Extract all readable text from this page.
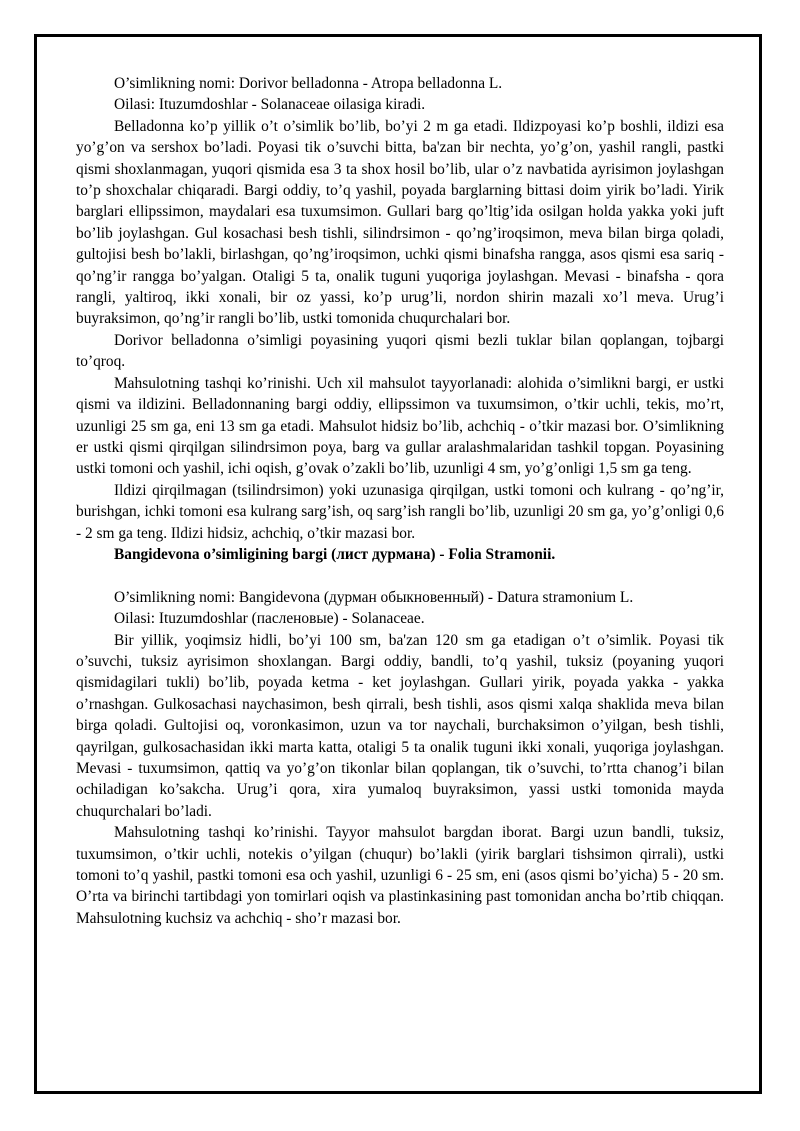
O’simlikning nomi: Dorivor belladonna - Atropa belladonna L.

Oilasi: Ituzumdoshlar - Solanaceae oilasiga kiradi.

Belladonna ko’p yillik o’t o’simlik bo’lib, bo’yi 2 m ga etadi. Ildizpoyasi ko’p boshli, ildizi esa yo’g’on va sershox bo’ladi. Poyasi tik o’suvchi bitta, ba'zan bir nechta, yo’g’on, yashil rangli, pastki qismi shoxlanmagan, yuqori qismida esa 3 ta shox hosil bo’lib, ular o’z navbatida ayrisimon joylashgan to’p shoxchalar chiqaradi. Bargi oddiy, to’q yashil, poyada barglarning bittasi doim yirik bo’ladi. Yirik barglari ellipssimon, maydalari esa tuxumsimon. Gullari barg qo’ltig’ida osilgan holda yakka yoki juft bo’lib joylashgan. Gul kosachasi besh tishli, silindrsimon - qo’ng’iroqsimon, meva bilan birga qoladi, gultojisi besh bo’lakli, birlashgan, qo’ng’iroqsimon, uchki qismi binafsha rangga, asos qismi esa sariq - qo’ng’ir rangga bo’yalgan. Otaligi 5 ta, onalik tuguni yuqoriga joylashgan. Mevasi - binafsha - qora rangli, yaltiroq, ikki xonali, bir oz yassi, ko’p urug’li, nordon shirin mazali xo’l meva. Urug’i buyraksimon, qo’ng’ir rangli bo’lib, ustki tomonida chuqurchalari bor.

Dorivor belladonna o’simligi poyasining yuqori qismi bezli tuklar bilan qoplangan, tojbargi to’qroq.

Mahsulotning tashqi ko’rinishi. Uch xil mahsulot tayyorlanadi: alohida o’simlikni bargi, er ustki qismi va ildizini. Belladonnaning bargi oddiy, ellipssimon va tuxumsimon, o’tkir uchli, tekis, mo’rt, uzunligi 25 sm ga, eni 13 sm ga etadi. Mahsulot hidsiz bo’lib, achchiq - o’tkir mazasi bor. O’simlikning er ustki qismi qirqilgan silindrsimon poya, barg va gullar aralashmalaridan tashkil topgan. Poyasining ustki tomoni och yashil, ichi oqish, g’ovak o’zakli bo’lib, uzunligi 4 sm, yo’g’onligi 1,5 sm ga teng.

Ildizi qirqilmagan (tsilindrsimon) yoki uzunasiga qirqilgan, ustki tomoni och kulrang - qo’ng’ir, burishgan, ichki tomoni esa kulrang sarg’ish, oq sarg’ish rangli bo’lib, uzunligi 20 sm ga, yo’g’onligi 0,6 - 2 sm ga teng. Ildizi hidsiz, achchiq, o’tkir mazasi bor.

Bangidevona o’simligining bargi (лист дурмана) - Folia Stramonii.

O’simlikning nomi: Bangidevona (дурман обыкновенный) - Datura stramonium L.

Oilasi: Ituzumdoshlar (пасленовые) - Solanaceae.

Bir yillik, yoqimsiz hidli, bo’yi 100 sm, ba'zan 120 sm ga etadigan o’t o’simlik. Poyasi tik o’suvchi, tuksiz ayrisimon shoxlangan. Bargi oddiy, bandli, to’q yashil, tuksiz (poyaning yuqori qismidagilari tukli) bo’lib, poyada ketma - ket joylashgan. Gullari yirik, poyada yakka - yakka o’rnashgan. Gulkosachasi naychasimon, besh qirrali, besh tishli, asos qismi xalqa shaklida meva bilan birga qoladi. Gultojisi oq, voronkasimon, uzun va tor naychali, burchaksimon o’yilgan, besh tishli, qayrilgan, gulkosachasidan ikki marta katta, otaligi 5 ta onalik tuguni ikki xonali, yuqoriga joylashgan. Mevasi - tuxumsimon, qattiq va yo’g’on tikonlar bilan qoplangan, tik o’suvchi, to’rtta chanog’i bilan ochiladigan ko’sakcha. Urug’i qora, xira yumaloq buyraksimon, yassi ustki tomonida mayda chuqurchalari bo’ladi.

Mahsulotning tashqi ko’rinishi. Tayyor mahsulot bargdan iborat. Bargi uzun bandli, tuksiz, tuxumsimon, o’tkir uchli, notekis o’yilgan (chuqur) bo’lakli (yirik barglari tishsimon qirrali), ustki tomoni to’q yashil, pastki tomoni esa och yashil, uzunligi 6 - 25 sm, eni (asos qismi bo’yicha) 5 - 20 sm. O’rta va birinchi tartibdagi yon tomirlari oqish va plastinkasining past tomonidan ancha bo’rtib chiqqan. Mahsulotning kuchsiz va achchiq - sho’r mazasi bor.
